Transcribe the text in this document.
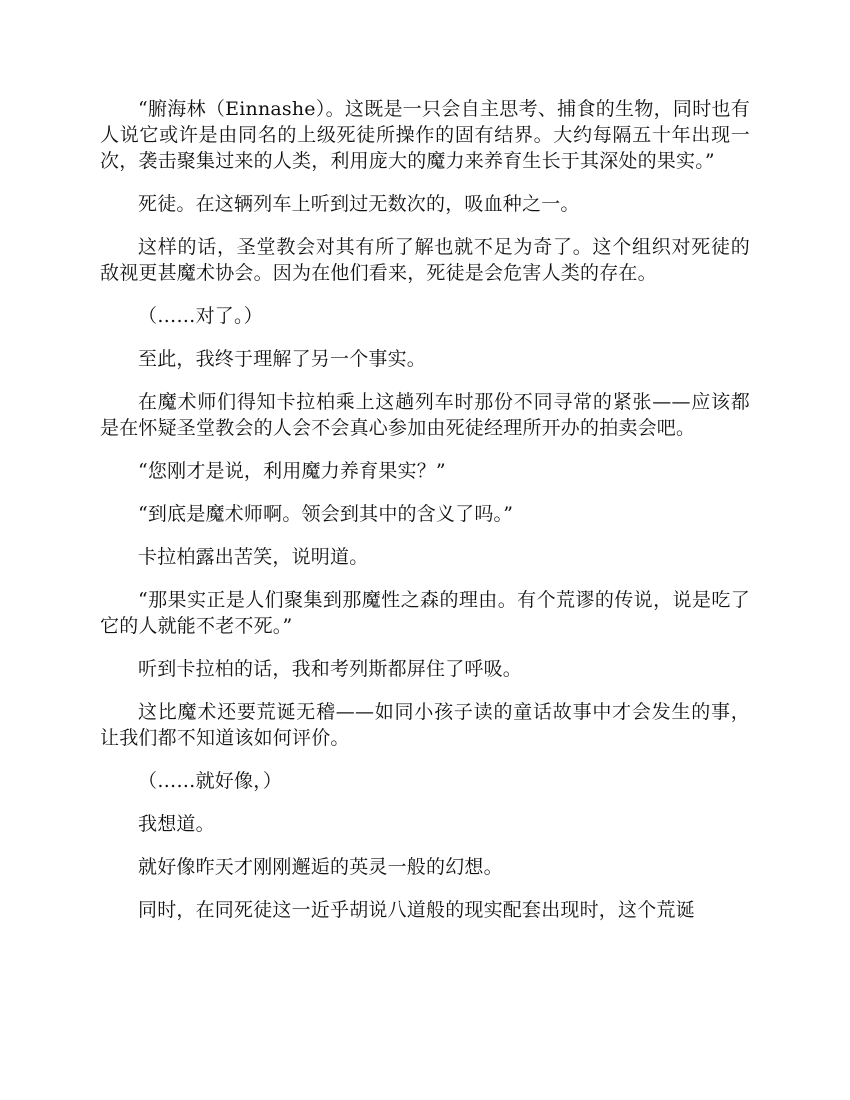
“腑海林（Einnashe）。这既是一只会自主思考、捕食的生物，同时也有人说它或许是由同名的上级死徒所操作的固有结界。大约每隔五十年出现一次，袭击聚集过来的人类，利用庞大的魔力来养育生长于其深处的果实。”

死徒。在这辆列车上听到过无数次的，吸血种之一。

这样的话，圣堂教会对其有所了解也就不足为奇了。这个组织对死徒的敌视更甚魔术协会。因为在他们看来，死徒是会危害人类的存在。

（……对了。）

至此，我终于理解了另一个事实。

在魔术师们得知卡拉柏乘上这趟列车时那份不同寻常的紧张——应该都是在怀疑圣堂教会的人会不会真心参加由死徒经理所开办的拍卖会吧。

“您刚才是说，利用魔力养育果实？”

“到底是魔术师啊。领会到其中的含义了吗。”

卡拉柏露出苦笑，说明道。

“那果实正是人们聚集到那魔性之森的理由。有个荒谬的传说，说是吃了它的人就能不老不死。”

听到卡拉柏的话，我和考列斯都屏住了呼吸。

这比魔术还要荒诞无稽——如同小孩子读的童话故事中才会发生的事，让我们都不知道该如何评价。

（……就好像，）

我想道。

就好像昨天才刚刚邂逅的英灵一般的幻想。

同时，在同死徒这一近乎胡说八道般的现实配套出现时，这个荒诞
